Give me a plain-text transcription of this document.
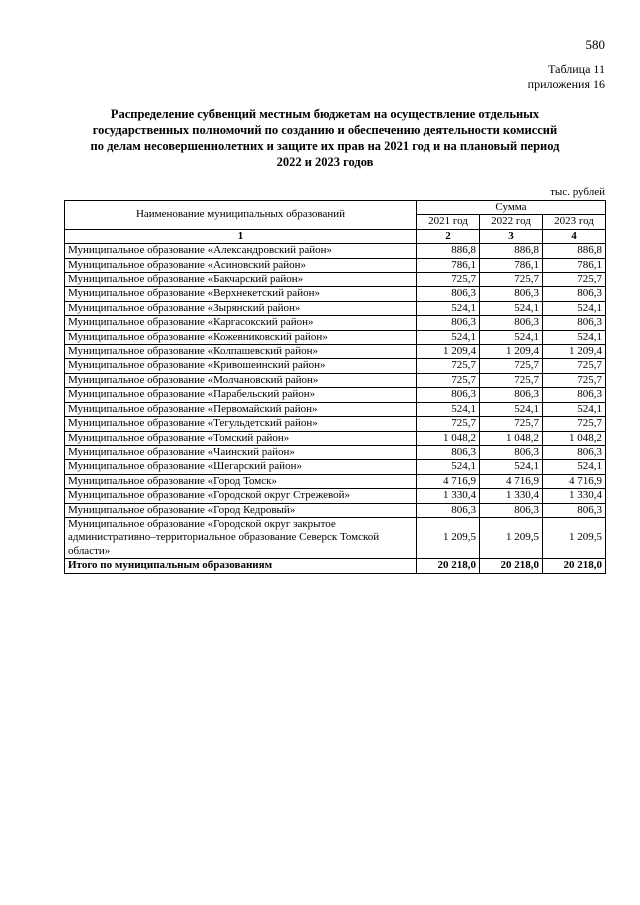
580
Таблица 11
приложения 16
Распределение субвенций местным бюджетам на осуществление отдельных государственных полномочий по созданию и обеспечению деятельности комиссий по делам несовершеннолетних и защите их прав на 2021 год и на плановый период 2022 и 2023 годов
тыс. рублей
Наименование муниципальных образований	Сумма		
	2021 год	2022 год	2023 год
1	2	3	4
Муниципальное образование «Александровский район»	886,8	886,8	886,8
Муниципальное образование «Асиновский район»	786,1	786,1	786,1
Муниципальное образование «Бакчарский район»	725,7	725,7	725,7
Муниципальное образование «Верхнекетский район»	806,3	806,3	806,3
Муниципальное образование «Зырянский район»	524,1	524,1	524,1
Муниципальное образование «Каргасокский район»	806,3	806,3	806,3
Муниципальное образование «Кожевниковский район»	524,1	524,1	524,1
Муниципальное образование «Колпашевский район»	1 209,4	1 209,4	1 209,4
Муниципальное образование «Кривошеинский район»	725,7	725,7	725,7
Муниципальное образование «Молчановский район»	725,7	725,7	725,7
Муниципальное образование «Парабельский район»	806,3	806,3	806,3
Муниципальное образование «Первомайский район»	524,1	524,1	524,1
Муниципальное образование «Тегульдетский район»	725,7	725,7	725,7
Муниципальное образование «Томский район»	1 048,2	1 048,2	1 048,2
Муниципальное образование «Чаинский район»	806,3	806,3	806,3
Муниципальное образование «Шегарский район»	524,1	524,1	524,1
Муниципальное образование «Город Томск»	4 716,9	4 716,9	4 716,9
Муниципальное образование «Городской округ Стрежевой»	1 330,4	1 330,4	1 330,4
Муниципальное образование «Город Кедровый»	806,3	806,3	806,3
Муниципальное образование «Городской округ закрытое административно–территориальное образование Северск Томской области»	1 209,5	1 209,5	1 209,5
Итого по муниципальным образованиям	20 218,0	20 218,0	20 218,0
